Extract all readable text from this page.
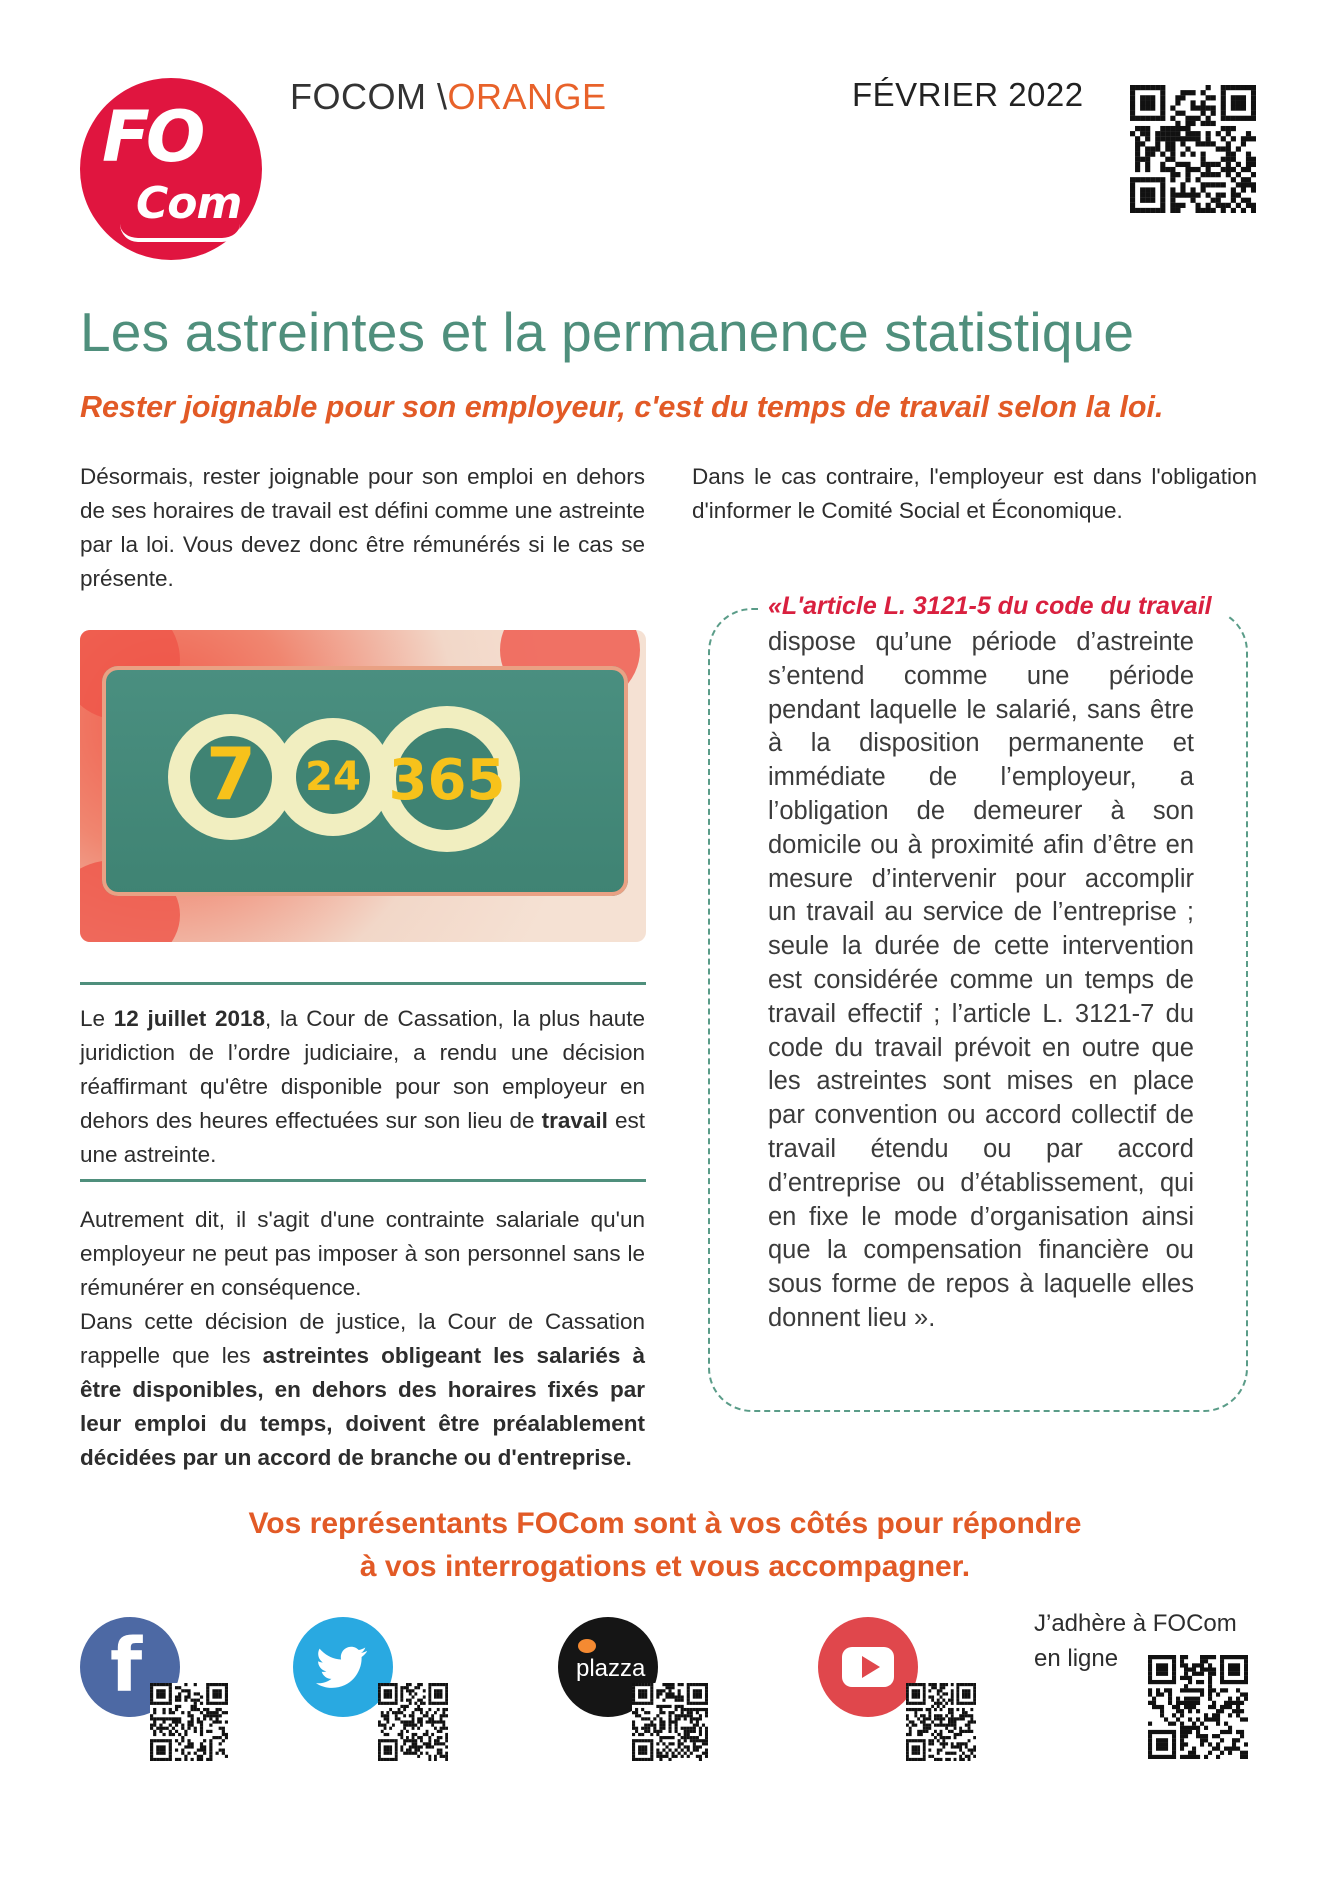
FO
Com
FOCOM \ORANGE	FÉVRIER 2022
Les astreintes et la permanence statistique
Rester joignable pour son employeur, c'est du temps de travail selon la loi.
Désormais, rester joignable pour son emploi en dehors de ses horaires de travail est défini comme une astreinte par la loi. Vous devez donc être rémunérés si le cas se présente.
Dans le cas contraire, l'employeur est dans l'obligation d'informer le Comité Social et Économique.
7	24 365
Le 12 juillet 2018, la Cour de Cassation, la plus haute juridiction de l’ordre judiciaire, a rendu une décision réaffirmant qu'être disponible pour son employeur en dehors des heures effectuées sur son lieu de travail est une astreinte.
Autrement dit, il s'agit d'une contrainte salariale qu'un employeur ne peut pas imposer à son personnel sans le rémunérer en conséquence.
Dans cette décision de justice, la Cour de Cassation rappelle que les astreintes obligeant les salariés à être disponibles, en dehors des horaires fixés par leur emploi du temps, doivent être préalablement décidées par un accord de branche ou d'entreprise.
«L'article L. 3121-5 du code du travail
dispose qu’une période d’astreinte s’entend comme une période pendant laquelle le salarié, sans être à la disposition permanente et immédiate de l’employeur, a l’obligation de demeurer à son domicile ou à proximité afin d’être en mesure d’intervenir pour accomplir un travail au service de l’entreprise ; seule la durée de cette intervention est considérée comme un temps de travail effectif ; l’article L. 3121-7 du code du travail prévoit en outre que les astreintes sont mises en place par convention ou accord collectif de travail étendu ou par accord d’entreprise ou d’établissement, qui en fixe le mode d’organisation ainsi que la compensation financière ou sous forme de repos à laquelle elles donnent lieu ».
Vos représentants FOCom sont à vos côtés pour répondre
à vos interrogations et vous accompagner.
f	plazza
J’adhère à FOCom
en ligne
